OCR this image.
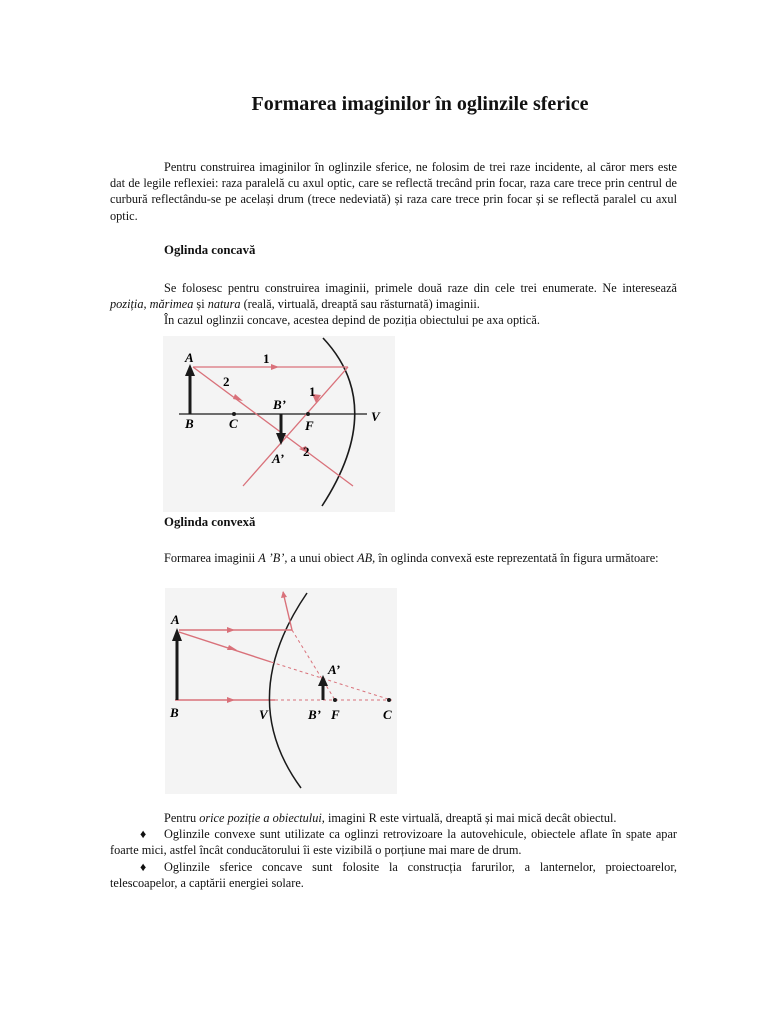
Formarea imaginilor în oglinzile sferice

Pentru construirea imaginilor în oglinzile sferice, ne folosim de trei raze incidente, al căror mers este dat de legile reflexiei: raza paralelă cu axul optic, care se reflectă trecând prin focar, raza care trece prin centrul de curbură reflectându-se pe același drum (trece nedeviată) și raza care trece prin focar și se reflectă paralel cu axul optic.

Oglinda concavă

Se folosesc pentru construirea imaginii, primele două raze din cele trei enumerate. Ne interesează poziția, mărimea și natura (reală, virtuală, dreaptă sau răsturnată) imaginii.
În cazul oglinzii concave, acestea depind de poziția obiectului pe axa optică.

A
B	C	F
V
B’
A’
1
1
2
2

Oglinda convexă

Formarea imaginii A ’B’, a unui obiect AB, în oglinda convexă este reprezentată în figura următoare:

A
B	V	B’ F	C
A’

Pentru orice poziție a obiectului, imagini R este virtuală, dreaptă și mai mică decât obiectul.
♦ Oglinzile convexe sunt utilizate ca oglinzi retrovizoare la autovehicule, obiectele aflate în spate apar foarte mici, astfel încât conducătorului îi este vizibilă o porțiune mai mare de drum.
♦ Oglinzile sferice concave sunt folosite la construcția farurilor, a lanternelor, proiectoarelor, telescoapelor, a captării energiei solare.
